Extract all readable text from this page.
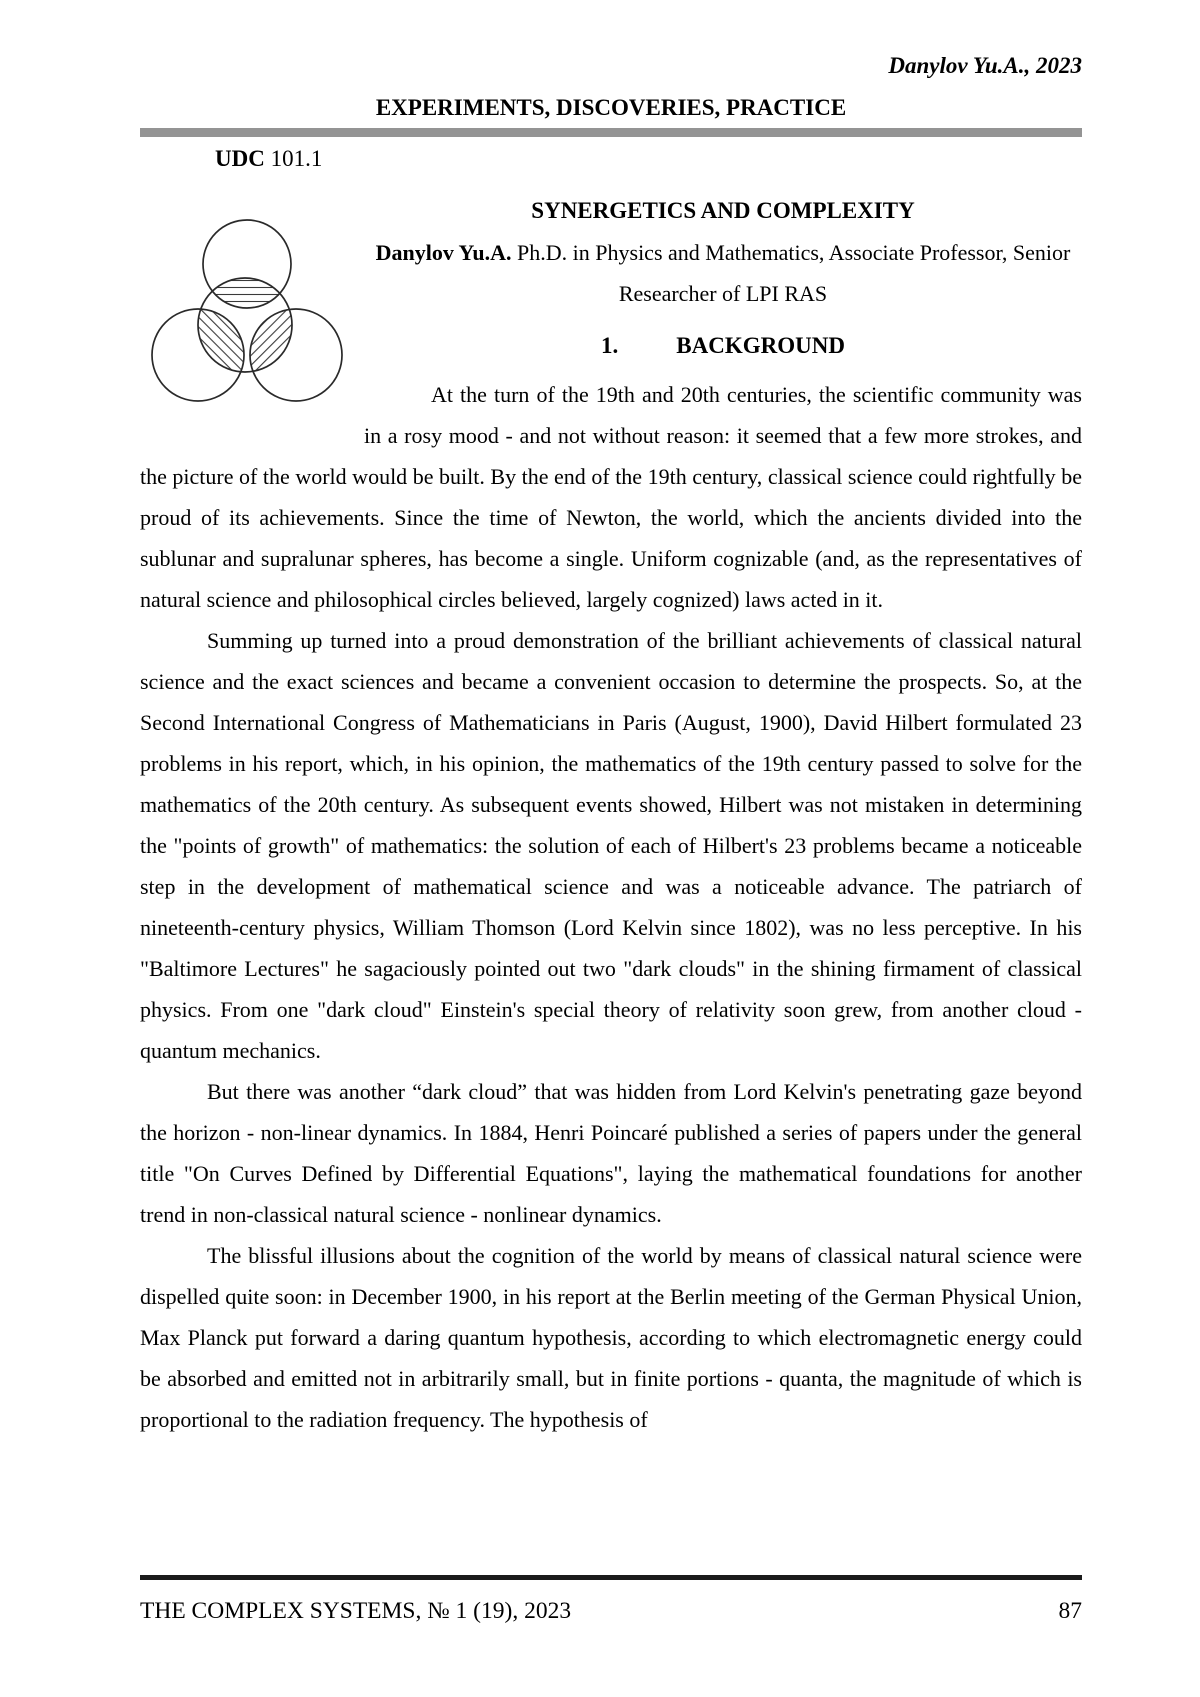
Danylov Yu.A., 2023
EXPERIMENTS, DISCOVERIES, PRACTICE
UDC 101.1
SYNERGETICS AND COMPLEXITY
Danylov Yu.A. Ph.D. in Physics and Mathematics, Associate Professor, Senior Researcher of LPI RAS
1.	BACKGROUND

At the turn of the 19th and 20th centuries, the scientific community was in a rosy mood - and not without reason: it seemed that a few more strokes, and the picture of the world would be built. By the end of the 19th century, classical science could rightfully be proud of its achievements. Since the time of Newton, the world, which the ancients divided into the sublunar and supralunar spheres, has become a single. Uniform cognizable (and, as the representatives of natural science and philosophical circles believed, largely cognized) laws acted in it.

Summing up turned into a proud demonstration of the brilliant achievements of classical natural science and the exact sciences and became a convenient occasion to determine the prospects. So, at the Second International Congress of Mathematicians in Paris (August, 1900), David Hilbert formulated 23 problems in his report, which, in his opinion, the mathematics of the 19th century passed to solve for the mathematics of the 20th century. As subsequent events showed, Hilbert was not mistaken in determining the "points of growth" of mathematics: the solution of each of Hilbert's 23 problems became a noticeable step in the development of mathematical science and was a noticeable advance. The patriarch of nineteenth-century physics, William Thomson (Lord Kelvin since 1802), was no less perceptive. In his "Baltimore Lectures" he sagaciously pointed out two "dark clouds" in the shining firmament of classical physics. From one "dark cloud" Einstein's special theory of relativity soon grew, from another cloud - quantum mechanics.

But there was another “dark cloud” that was hidden from Lord Kelvin's penetrating gaze beyond the horizon - non-linear dynamics. In 1884, Henri Poincaré published a series of papers under the general title "On Curves Defined by Differential Equations", laying the mathematical foundations for another trend in non-classical natural science - nonlinear dynamics.

The blissful illusions about the cognition of the world by means of classical natural science were dispelled quite soon: in December 1900, in his report at the Berlin meeting of the German Physical Union, Max Planck put forward a daring quantum hypothesis, according to which electromagnetic energy could be absorbed and emitted not in arbitrarily small, but in finite portions - quanta, the magnitude of which is proportional to the radiation frequency. The hypothesis of

THE COMPLEX SYSTEMS, № 1 (19), 2023	87
